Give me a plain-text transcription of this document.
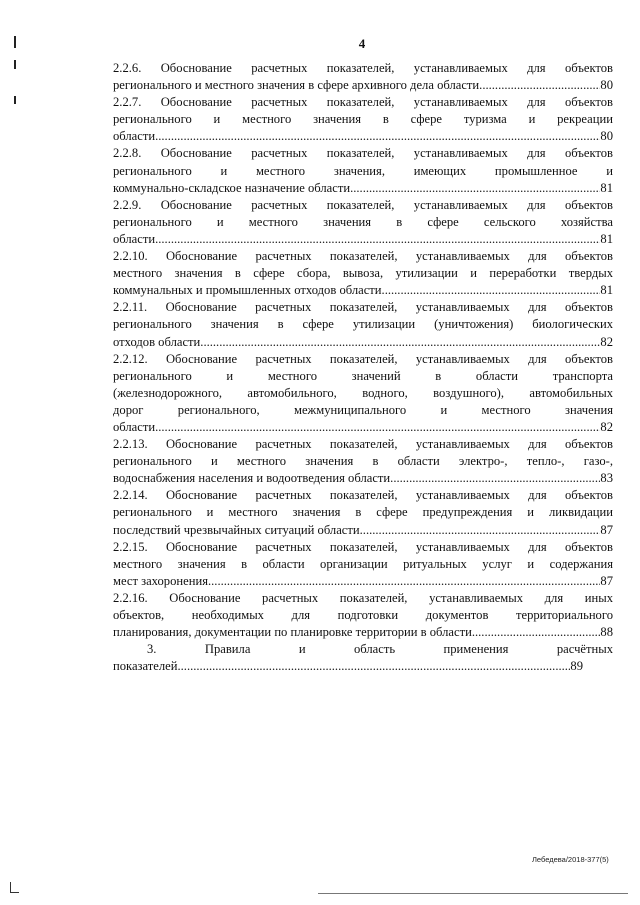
4
2.2.6. Обоснование расчетных показателей, устанавливаемых для объектов
регионального и местного значения в сфере архивного дела области .....	80
2.2.7. Обоснование расчетных показателей, устанавливаемых для объектов
регионального и местного значения в сфере туризма и рекреации
области .....	80
2.2.8. Обоснование расчетных показателей, устанавливаемых для объектов
регионального и местного значения, имеющих промышленное и
коммунально-складское назначение области .....	81
2.2.9. Обоснование расчетных показателей, устанавливаемых для объектов
регионального и местного значения в сфере сельского хозяйства
области .....	81
2.2.10. Обоснование расчетных показателей, устанавливаемых для объектов
местного значения в сфере сбора, вывоза, утилизации и переработки твердых
коммунальных и промышленных отходов области .....	81
2.2.11. Обоснование расчетных показателей, устанавливаемых для объектов
регионального значения в сфере утилизации (уничтожения) биологических
отходов области .....	82
2.2.12. Обоснование расчетных показателей, устанавливаемых для объектов
регионального и местного значений в области транспорта
(железнодорожного, автомобильного, водного, воздушного), автомобильных
дорог регионального, межмуниципального и местного значения
области .....	82
2.2.13. Обоснование расчетных показателей, устанавливаемых для объектов
регионального и местного значения в области электро-, тепло-, газо-,
водоснабжения населения и водоотведения области .....	83
2.2.14. Обоснование расчетных показателей, устанавливаемых для объектов
регионального и местного значения в сфере предупреждения и ликвидации
последствий чрезвычайных ситуаций области .....	87
2.2.15. Обоснование расчетных показателей, устанавливаемых для объектов
местного значения в области организации ритуальных услуг и содержания
мест захоронения .....	87
2.2.16. Обоснование расчетных показателей, устанавливаемых для иных
объектов, необходимых для подготовки документов территориального
планирования, документации по планировке территории в области .....	88
3. Правила и область применения расчётных
показателей .....	89
Лебедева/2018-377(5)
